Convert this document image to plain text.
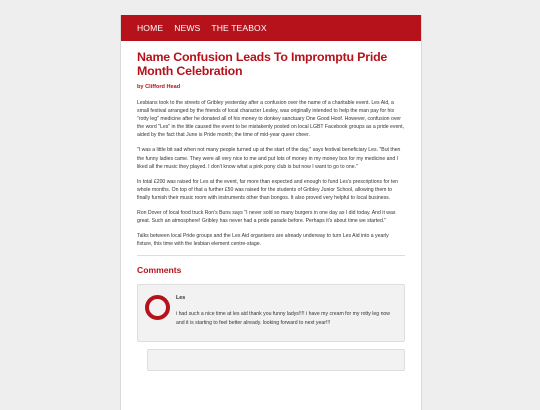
HOME NEWS THE TEABOX
Name Confusion Leads To Impromptu Pride Month Celebration
by Clifford Head

Lesbians took to the streets of Gribley yesterday after a confusion over the name of a charitable event. Les Aid, a small festival arranged by the friends of local character Lesley, was originally intended to help the man pay for his "rotty leg" medicine after he donated all of his money to donkey sanctuary One Good Hoof. However, confusion over the word "Les" in the title caused the event to be mistakenly posted on local LGBT Facebook groups as a pride event, aided by the fact that June is Pride month; the time of mid-year queer cheer.

"I was a little bit sad when not many people turned up at the start of the day," says festival beneficiary Les. "But then the funny ladies came. They were all very nice to me and put lots of money in my money box for my medicine and I liked all the music they played. I don't know what a pink pony club is but now I want to go to one."

In total £200 was raised for Les at the event, far more than expected and enough to fund Les's prescriptions for ten whole months. On top of that a further £50 was raised for the students of Gribley Junior School, allowing them to finally furnish their music room with instruments other than bongos. It also proved very helpful to local business.

Ron Dover of local food truck Ron's Buns says "I never sold so many burgers in one day as I did today. And it was great. Such an atmosphere! Gribley has never had a pride parade before. Perhaps it's about time we started."

Talks between local Pride groups and the Les Aid organisers are already underway to turn Les Aid into a yearly fixture, this time with the lesbian element centre-stage.

Comments
Les
i had such a nice time at les aid thank you funny ladys!!!! i have my cream for my rotty leg now and it is starting to feel better already. looking forward to next year!!!
